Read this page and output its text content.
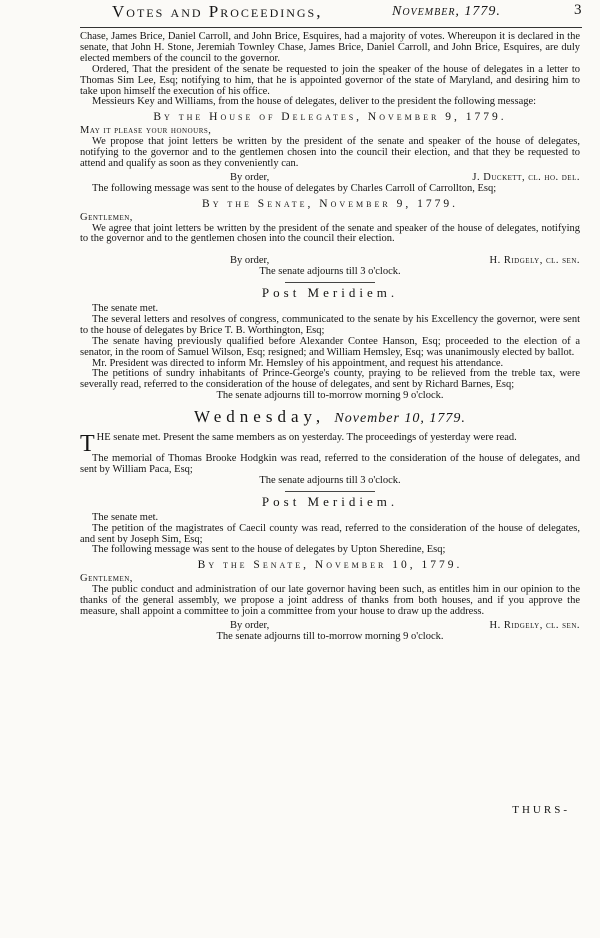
Votes and Proceedings,	November, 1779.	3

Chase, James Brice, Daniel Carroll, and John Brice, Esquires, had a majority of votes. Whereupon it is declared in the senate, that John H. Stone, Jeremiah Townley Chase, James Brice, Daniel Carroll, and John Brice, Esquires, are duly elected members of the council to the governor.

Ordered, That the president of the senate be requested to join the speaker of the house of delegates in a letter to Thomas Sim Lee, Esq; notifying to him, that he is appointed governor of the state of Maryland, and desiring him to take upon himself the execution of his office.

Messieurs Key and Williams, from the house of delegates, deliver to the president the following message:

By the House of Delegates, November 9, 1779.

May it please your honours,

We propose that joint letters be written by the president of the senate and speaker of the house of delegates, notifying to the governor and to the gentlemen chosen into the council their election, and that they be requested to attend and qualify as soon as they conveniently can.

By order,	J. Duckett, cl. ho. del.

The following message was sent to the house of delegates by Charles Carroll of Carrollton, Esq;

By the Senate, November 9, 1779.

Gentlemen,

We agree that joint letters be written by the president of the senate and speaker of the house of delegates, notifying to the governor and to the gentlemen chosen into the council their election.

By order,	H. Ridgely, cl. sen.

The senate adjourns till 3 o'clock.

Post Meridiem.

The senate met.

The several letters and resolves of congress, communicated to the senate by his Excellency the governor, were sent to the house of delegates by Brice T. B. Worthington, Esq;

The senate having previously qualified before Alexander Contee Hanson, Esq; proceeded to the election of a senator, in the room of Samuel Wilson, Esq; resigned; and William Hemsley, Esq; was unanimously elected by ballot.

Mr. President was directed to inform Mr. Hemsley of his appointment, and request his attendance.

The petitions of sundry inhabitants of Prince-George's county, praying to be relieved from the treble tax, were severally read, referred to the consideration of the house of delegates, and sent by Richard Barnes, Esq;

The senate adjourns till to-morrow morning 9 o'clock.

Wednesday, November 10, 1779.

THE senate met. Present the same members as on yesterday. The proceedings of yesterday were read.

The memorial of Thomas Brooke Hodgkin was read, referred to the consideration of the house of delegates, and sent by William Paca, Esq;

The senate adjourns till 3 o'clock.

Post Meridiem.

The senate met.

The petition of the magistrates of Caecil county was read, referred to the consideration of the house of delegates, and sent by Joseph Sim, Esq;

The following message was sent to the house of delegates by Upton Sheredine, Esq;

By the Senate, November 10, 1779.

Gentlemen,

The public conduct and administration of our late governor having been such, as entitles him in our opinion to the thanks of the general assembly, we propose a joint address of thanks from both houses, and if you approve the measure, shall appoint a committee to join a committee from your house to draw up the address.

By order,	H. Ridgely, cl. sen.

The senate adjourns till to-morrow morning 9 o'clock.

THURS-
